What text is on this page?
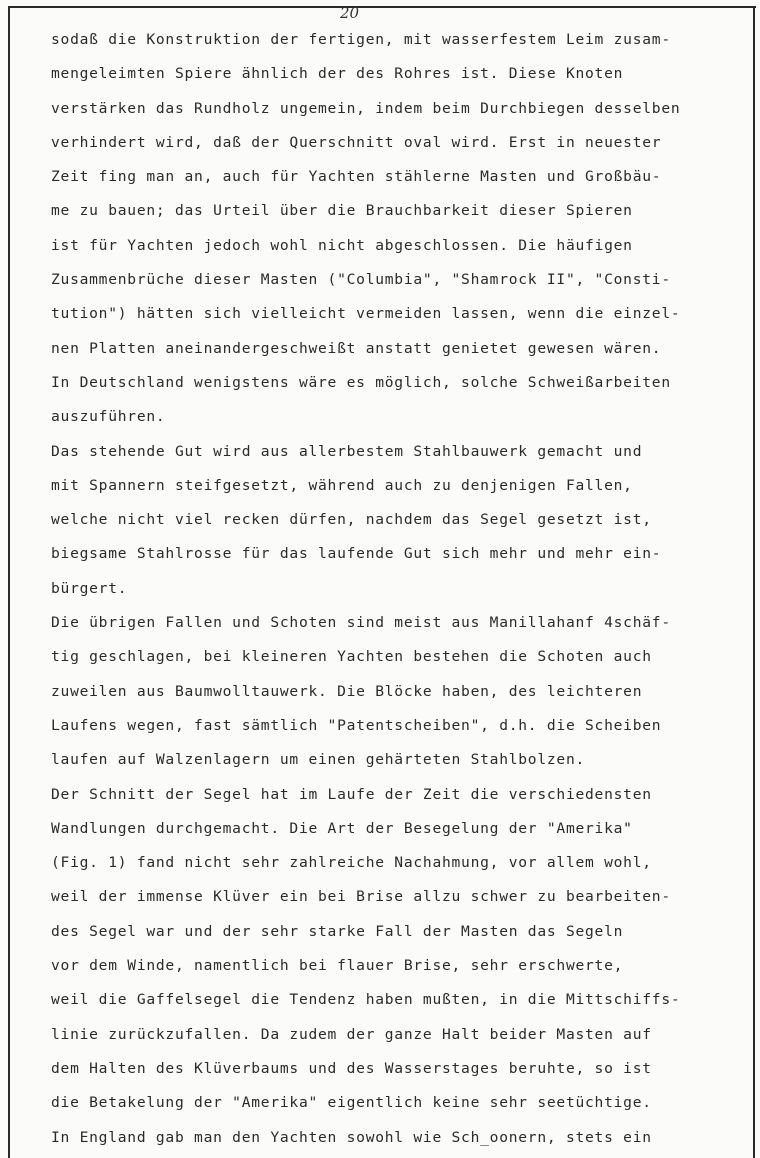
20
sodaß die Konstruktion der fertigen, mit wasserfestem Leim zusam-
mengeleimten Spiere ähnlich der des Rohres ist. Diese Knoten
verstärken das Rundholz ungemein, indem beim Durchbiegen desselben
verhindert wird, daß der Querschnitt oval wird. Erst in neuester
Zeit fing man an, auch für Yachten stählerne Masten und Großbäu-
me zu bauen; das Urteil über die Brauchbarkeit dieser Spieren
ist für Yachten jedoch wohl nicht abgeschlossen. Die häufigen
Zusammenbrüche dieser Masten ("Columbia", "Shamrock II", "Consti-
tution") hätten sich vielleicht vermeiden lassen, wenn die einzel-
nen Platten aneinandergeschweißt anstatt genietet gewesen wären.
In Deutschland wenigstens wäre es möglich, solche Schweißarbeiten
auszuführen.
Das stehende Gut wird aus allerbestem Stahlbauwerk gemacht und
mit Spannern steifgesetzt, während auch zu denjenigen Fallen,
welche nicht viel recken dürfen, nachdem das Segel gesetzt ist,
biegsame Stahlrosse für das laufende Gut sich mehr und mehr ein-
bürgert.
Die übrigen Fallen und Schoten sind meist aus Manillahanf 4schäf-
tig geschlagen, bei kleineren Yachten bestehen die Schoten auch
zuweilen aus Baumwolltauwerk. Die Blöcke haben, des leichteren
Laufens wegen, fast sämtlich "Patentscheiben", d.h. die Scheiben
laufen auf Walzenlagern um einen gehärteten Stahlbolzen.
Der Schnitt der Segel hat im Laufe der Zeit die verschiedensten
Wandlungen durchgemacht. Die Art der Besegelung der "Amerika"
(Fig. 1) fand nicht sehr zahlreiche Nachahmung, vor allem wohl,
weil der immense Klüver ein bei Brise allzu schwer zu bearbeiten-
des Segel war und der sehr starke Fall der Masten das Segeln
vor dem Winde, namentlich bei flauer Brise, sehr erschwerte,
weil die Gaffelsegel die Tendenz haben mußten, in die Mittschiffs-
linie zurückzufallen. Da zudem der ganze Halt beider Masten auf
dem Halten des Klüverbaums und des Wasserstages beruhte, so ist
die Betakelung der "Amerika" eigentlich keine sehr seetüchtige.
In England gab man den Yachten sowohl wie Sch_oonern, stets ein
